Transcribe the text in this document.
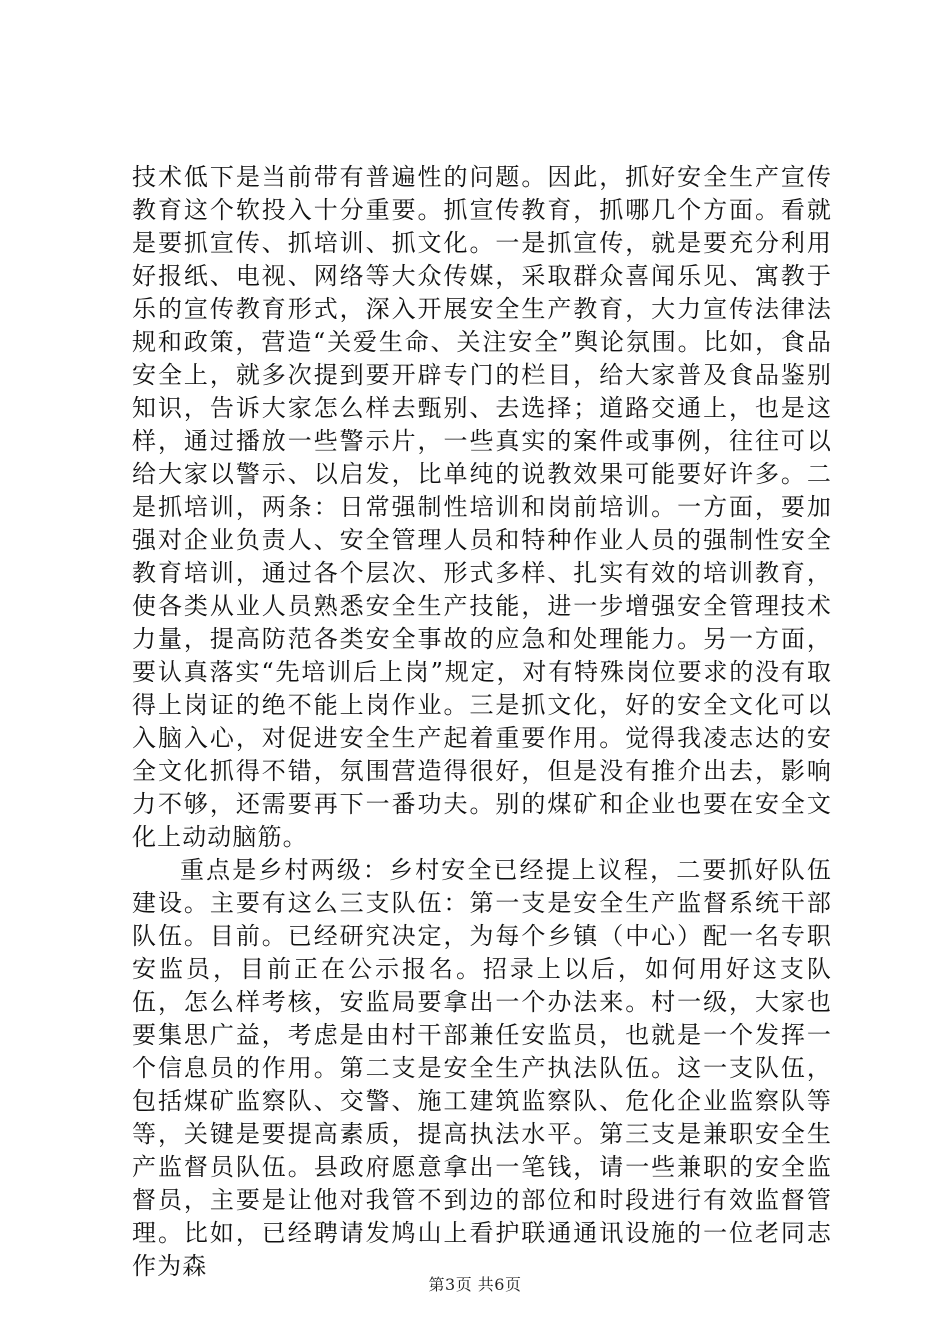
技术低下是当前带有普遍性的问题。因此，抓好安全生产宣传教育这个软投入十分重要。抓宣传教育，抓哪几个方面。看就是要抓宣传、抓培训、抓文化。一是抓宣传，就是要充分利用好报纸、电视、网络等大众传媒，采取群众喜闻乐见、寓教于乐的宣传教育形式，深入开展安全生产教育，大力宣传法律法规和政策，营造“关爱生命、关注安全”舆论氛围。比如，食品安全上，就多次提到要开辟专门的栏目，给大家普及食品鉴别知识，告诉大家怎么样去甄别、去选择；道路交通上，也是这样，通过播放一些警示片，一些真实的案件或事例，往往可以给大家以警示、以启发，比单纯的说教效果可能要好许多。二是抓培训，两条：日常强制性培训和岗前培训。一方面，要加强对企业负责人、安全管理人员和特种作业人员的强制性安全教育培训，通过各个层次、形式多样、扎实有效的培训教育，使各类从业人员熟悉安全生产技能，进一步增强安全管理技术力量，提高防范各类安全事故的应急和处理能力。另一方面，要认真落实“先培训后上岗”规定，对有特殊岗位要求的没有取得上岗证的绝不能上岗作业。三是抓文化，好的安全文化可以入脑入心，对促进安全生产起着重要作用。觉得我凌志达的安全文化抓得不错，氛围营造得很好，但是没有推介出去，影响力不够，还需要再下一番功夫。别的煤矿和企业也要在安全文化上动动脑筋。

重点是乡村两级：乡村安全已经提上议程，二要抓好队伍建设。主要有这么三支队伍：第一支是安全生产监督系统干部队伍。目前。已经研究决定，为每个乡镇（中心）配一名专职安监员，目前正在公示报名。招录上以后，如何用好这支队伍，怎么样考核，安监局要拿出一个办法来。村一级，大家也要集思广益，考虑是由村干部兼任安监员，也就是一个发挥一个信息员的作用。第二支是安全生产执法队伍。这一支队伍，包括煤矿监察队、交警、施工建筑监察队、危化企业监察队等等，关键是要提高素质，提高执法水平。第三支是兼职安全生产监督员队伍。县政府愿意拿出一笔钱，请一些兼职的安全监督员，主要是让他对我管不到边的部位和时段进行有效监督管理。比如，已经聘请发鸠山上看护联通通讯设施的一位老同志作为森

第3页 共6页
